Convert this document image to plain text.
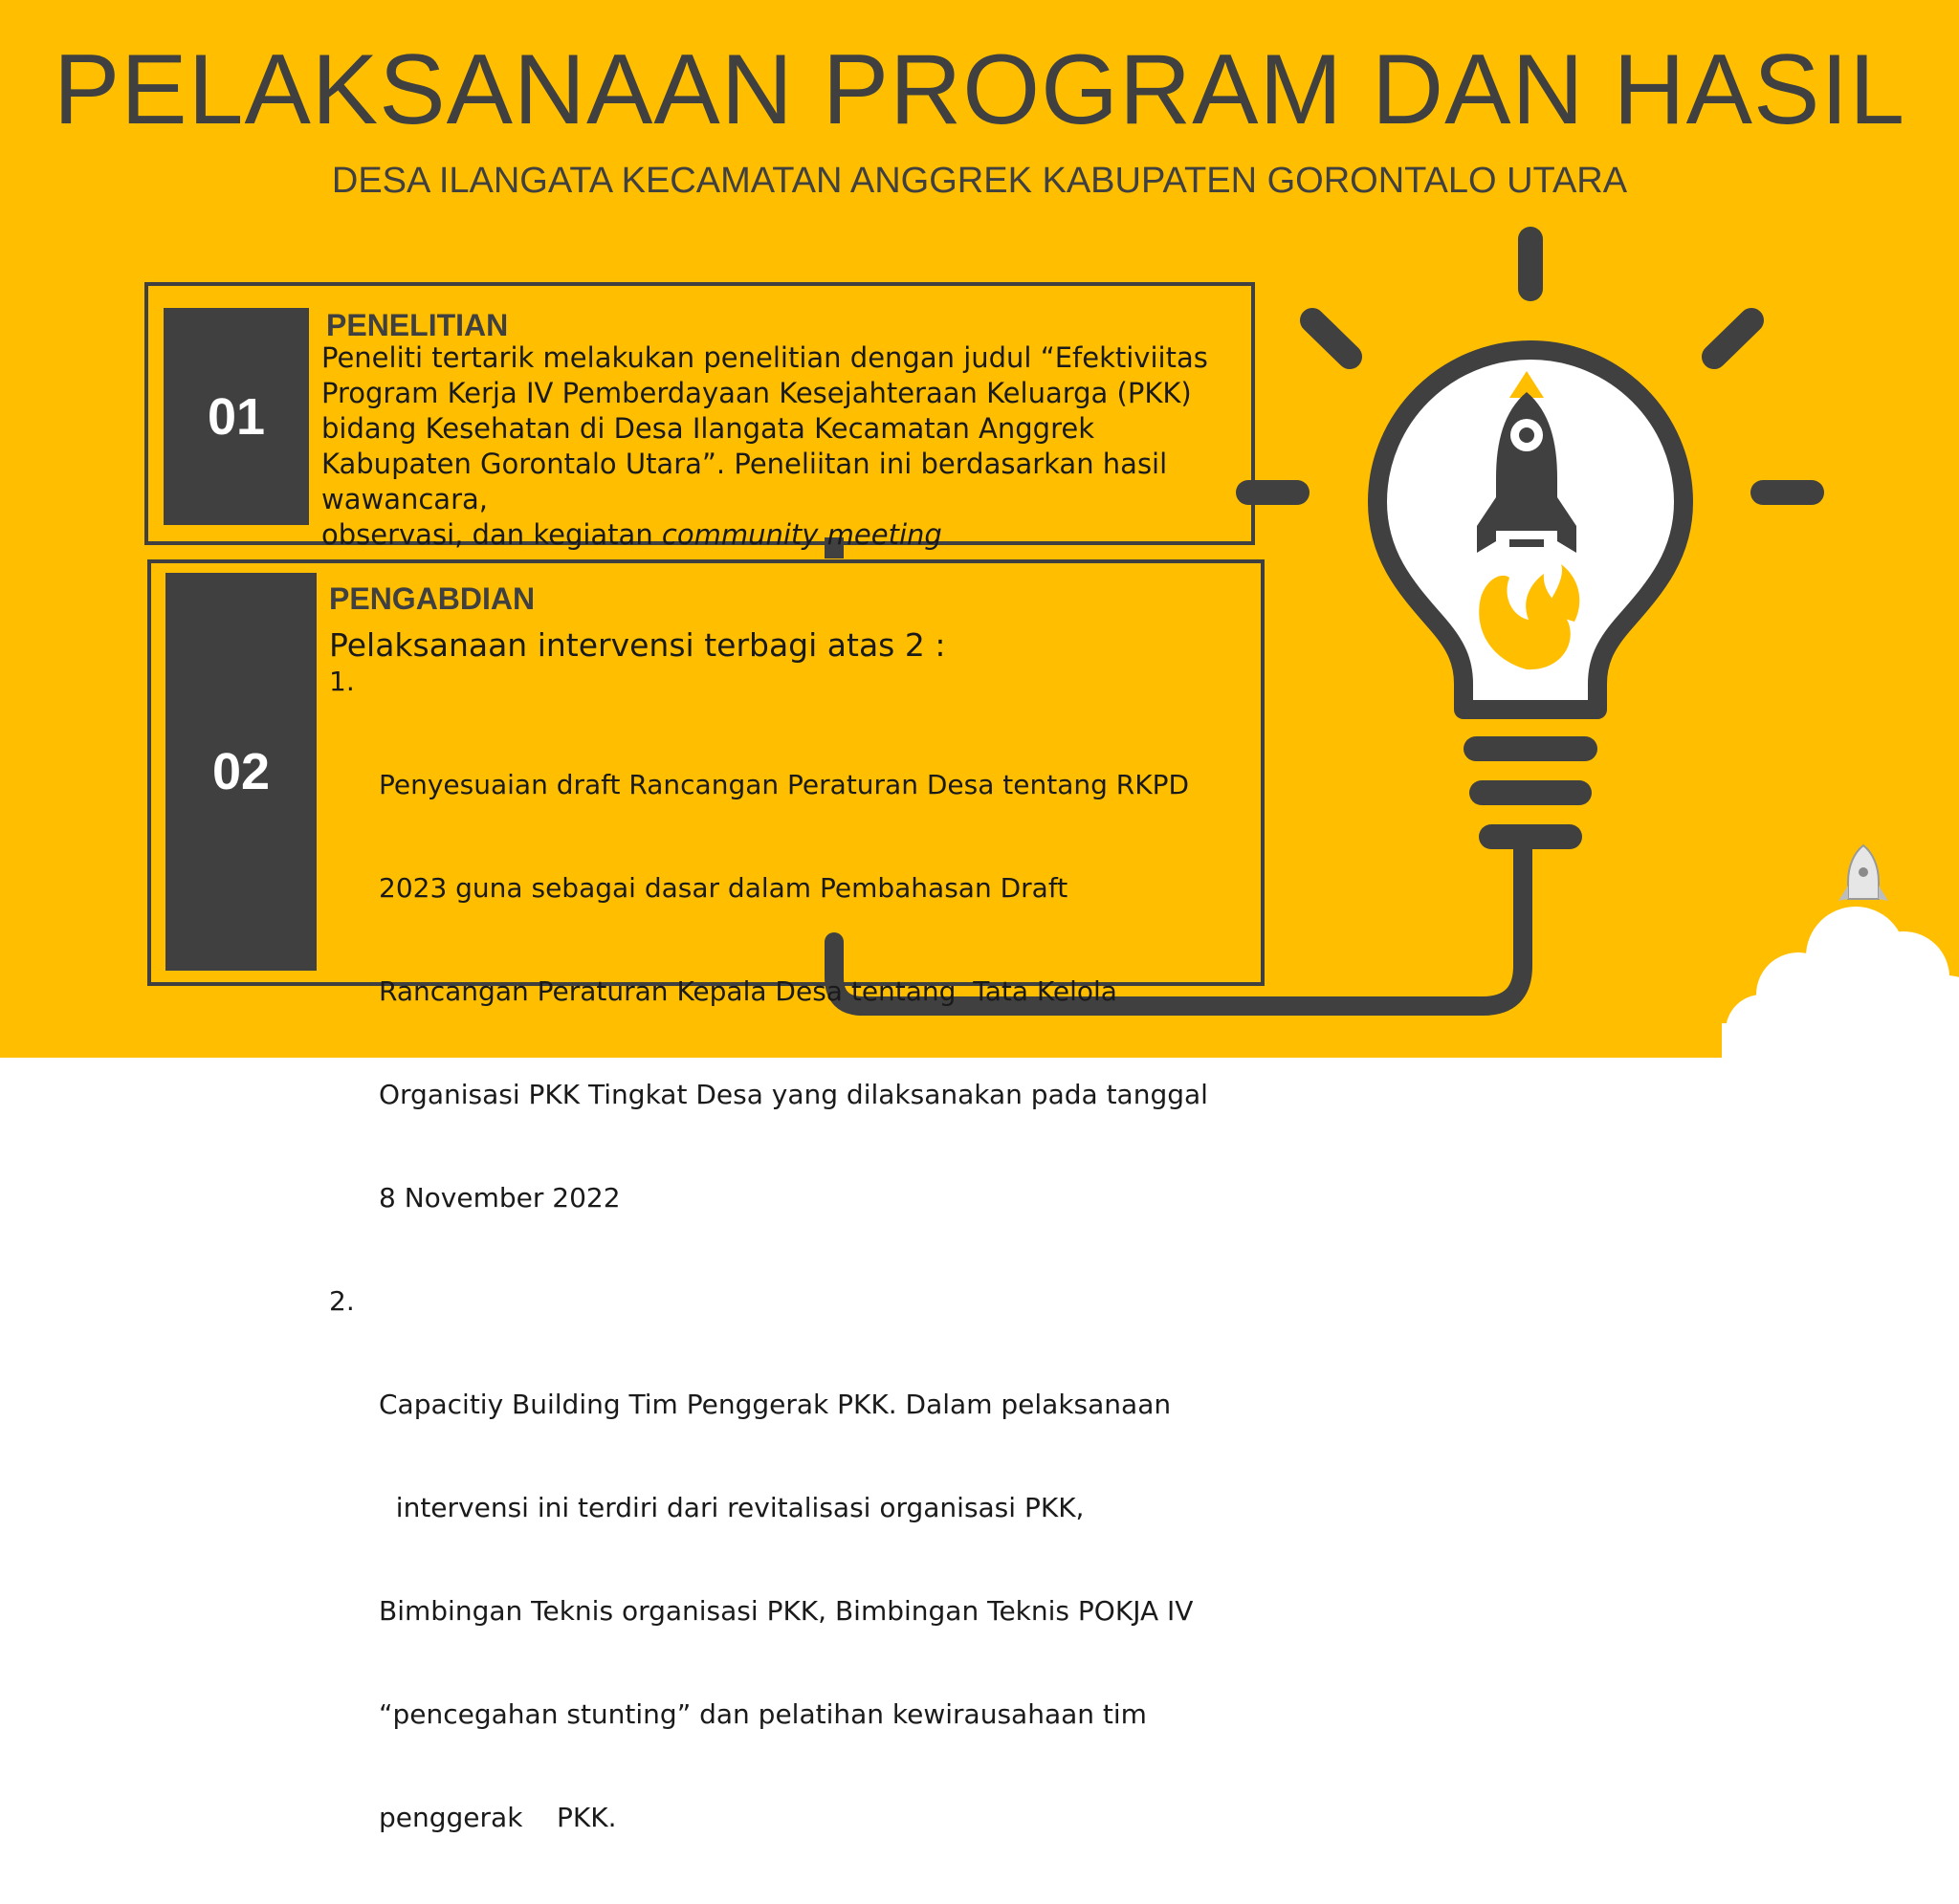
PELAKSANAAN PROGRAM DAN HASIL
DESA ILANGATA KECAMATAN ANGGREK KABUPATEN GORONTALO UTARA
01
PENELITIAN
Peneliti tertarik melakukan penelitian dengan judul “Efektiviitas
Program Kerja IV Pemberdayaan Kesejahteraan Keluarga (PKK)
bidang Kesehatan di Desa Ilangata Kecamatan Anggrek
Kabupaten Gorontalo Utara”. Peneliitan ini berdasarkan hasil
wawancara,
observasi, dan kegiatan community meeting
02
PENGABDIAN
Pelaksanaan intervensi terbagi atas 2 :

1.

Penyesuaian draft Rancangan Peraturan Desa tentang RKPD

2023 guna sebagai dasar dalam Pembahasan Draft

Rancangan Peraturan Kepala Desa tentang  Tata Kelola

Organisasi PKK Tingkat Desa yang dilaksanakan pada tanggal

8 November 2022

2.

Capacitiy Building Tim Penggerak PKK. Dalam pelaksanaan

intervensi ini terdiri dari revitalisasi organisasi PKK,

Bimbingan Teknis organisasi PKK, Bimbingan Teknis POKJA IV

“pencegahan stunting” dan pelatihan kewirausahaan tim

penggerak    PKK.
